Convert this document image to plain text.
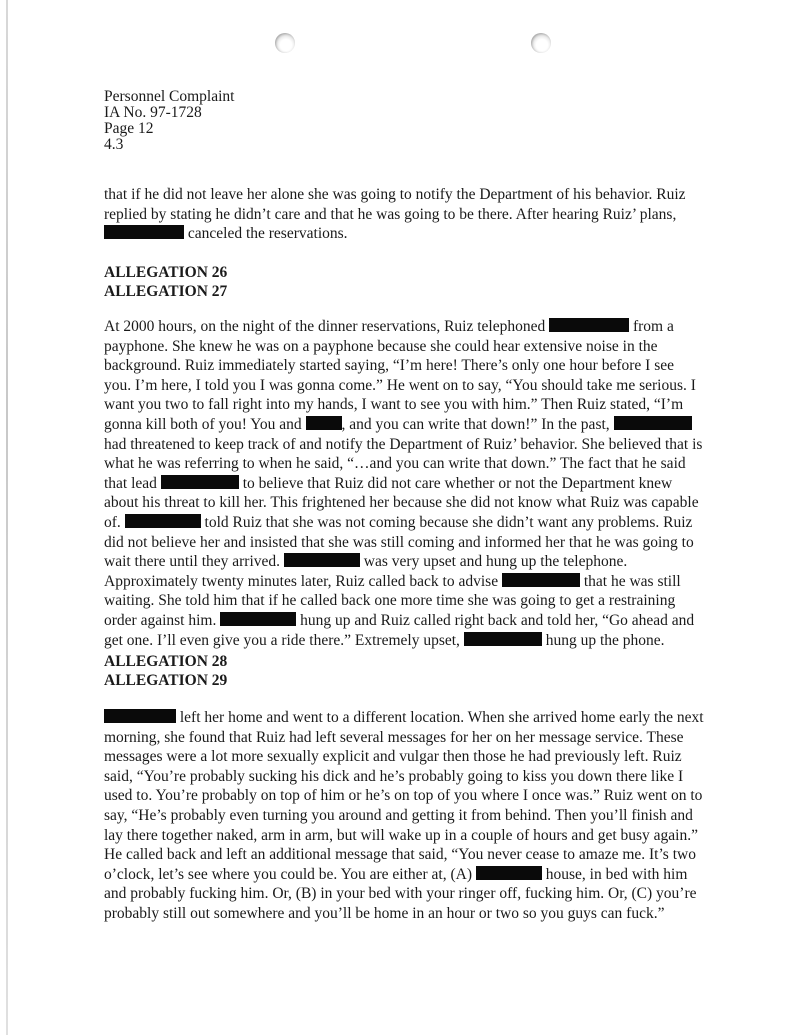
Personnel Complaint
IA No. 97-1728
Page 12
4.3

that if he did not leave her alone she was going to notify the Department of his behavior. Ruiz replied by stating he didn’t care and that he was going to be there. After hearing Ruiz’ plans,
canceled the reservations.

ALLEGATION 26

ALLEGATION 27

At 2000 hours, on the night of the dinner reservations, Ruiz telephoned	from a payphone. She knew he was on a payphone because she could hear extensive noise in the background. Ruiz immediately started saying, “I’m here! There’s only one hour before I see you. I’m here, I told you I was gonna come.” He went on to say, “You should take me serious. I want you two to fall right into my hands, I want to see you with him.” Then Ruiz stated, “I’m gonna kill both of you! You and	, and you can write that down!” In the past,  had threatened to keep track of and notify the Department of Ruiz’ behavior. She believed that is what he was referring to when he said, “…and you can write that down.” The fact that he said that lead	to believe that Ruiz did not care whether or not the Department knew about his threat to kill her. This frightened her because she did not know what Ruiz was capable of.	told Ruiz that she was not coming because she didn’t want any problems. Ruiz did not believe her and insisted that she was still coming and informed her that he was going to wait there until they arrived.	was very upset and hung up the telephone. Approximately twenty minutes later, Ruiz called back to advise	that he was still waiting. She told him that if he called back one more time she was going to get a restraining order against him.	hung up and Ruiz called right back and told her, “Go ahead and get one. I’ll even give you a ride there.” Extremely upset,	hung up the phone.

ALLEGATION 28

ALLEGATION 29

left her home and went to a different location. When she arrived home early the next morning, she found that Ruiz had left several messages for her on her message service. These messages were a lot more sexually explicit and vulgar then those he had previously left. Ruiz said, “You’re probably sucking his dick and he’s probably going to kiss you down there like I used to. You’re probably on top of him or he’s on top of you where I once was.” Ruiz went on to say, “He’s probably even turning you around and getting it from behind. Then you’ll finish and lay there together naked, arm in arm, but will wake up in a couple of hours and get busy again.” He called back and left an additional message that said, “You never cease to amaze me. It’s two o’clock, let’s see where you could be. You are either at, (A)	house, in bed with him and probably fucking him. Or, (B) in your bed with your ringer off, fucking him. Or, (C) you’re probably still out somewhere and you’ll be home in an hour or two so you guys can fuck.”
